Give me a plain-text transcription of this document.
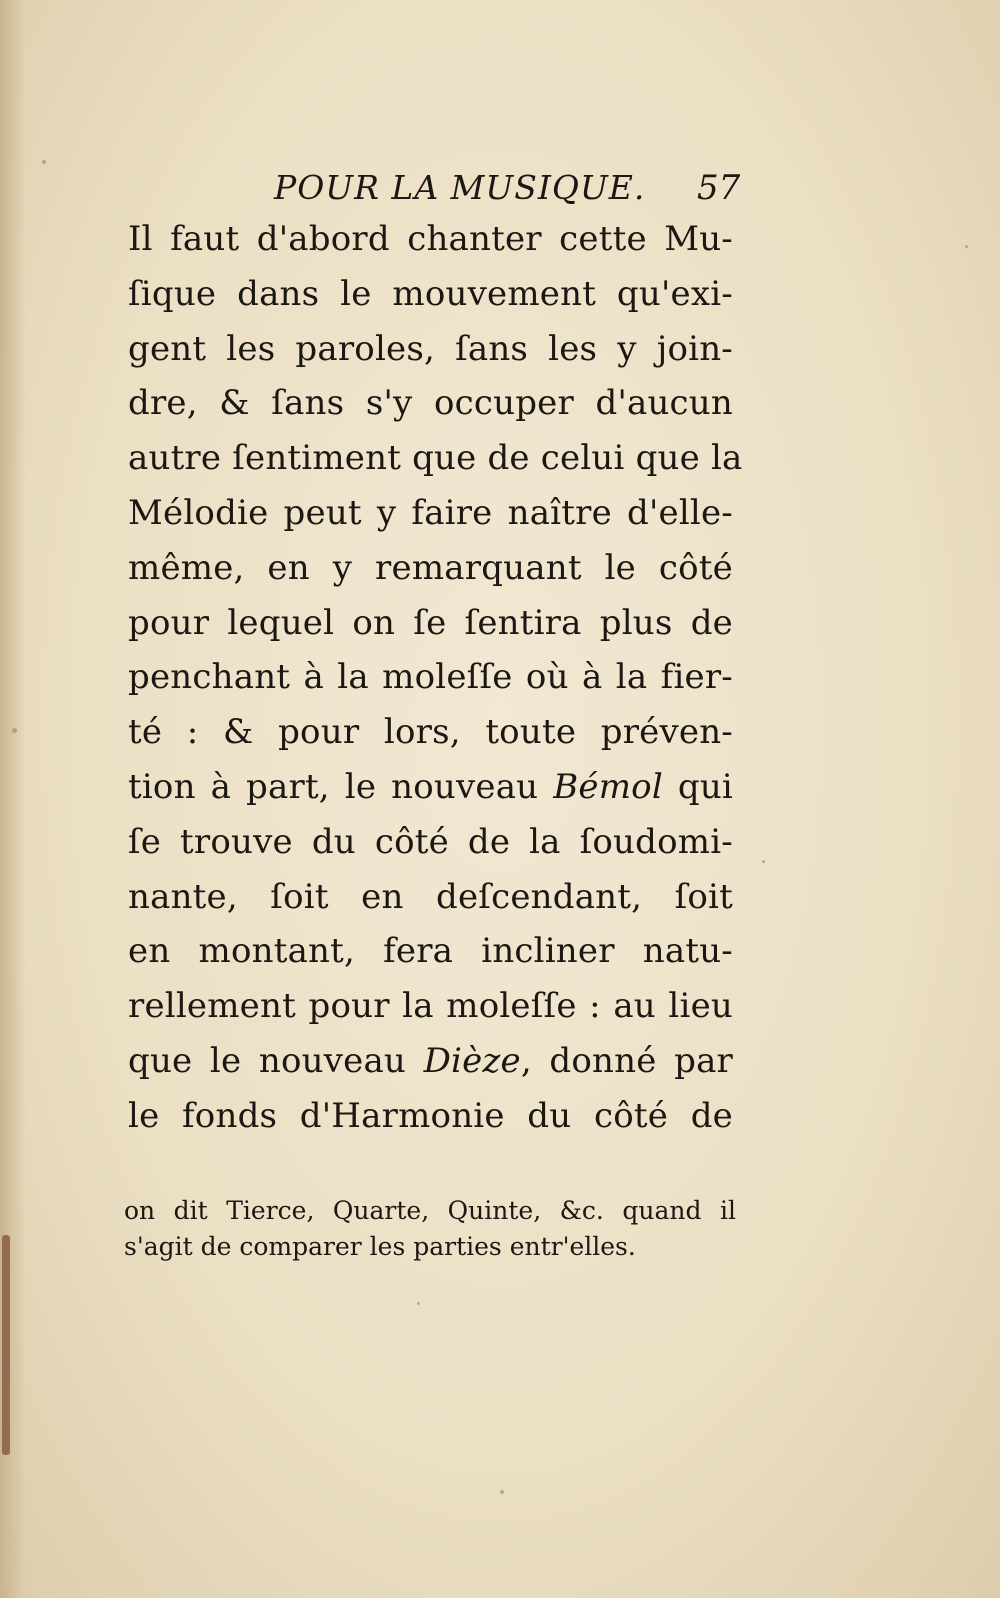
POUR LA MUSIQUE. 57
Il faut d'abord chanter cette Mu-
ſique dans le mouvement qu'exi-
gent les paroles, ſans les y join-
dre, & ſans s'y occuper d'aucun
autre ſentiment que de celui que la
Mélodie peut y faire naître d'elle-
même, en y remarquant le côté
pour lequel on ſe ſentira plus de
penchant à la moleſſe où à la fier-
té : & pour lors, toute préven-
tion à part, le nouveau Bémol qui
ſe trouve du côté de la ſoudomi-
nante, ſoit en deſcendant, ſoit
en montant, fera incliner natu-
rellement pour la moleſſe : au lieu
que le nouveau Dièze, donné par
le fonds d'Harmonie du côté de
on dit Tierce, Quarte, Quinte, &c. quand il
s'agit de comparer les parties entr'elles.
